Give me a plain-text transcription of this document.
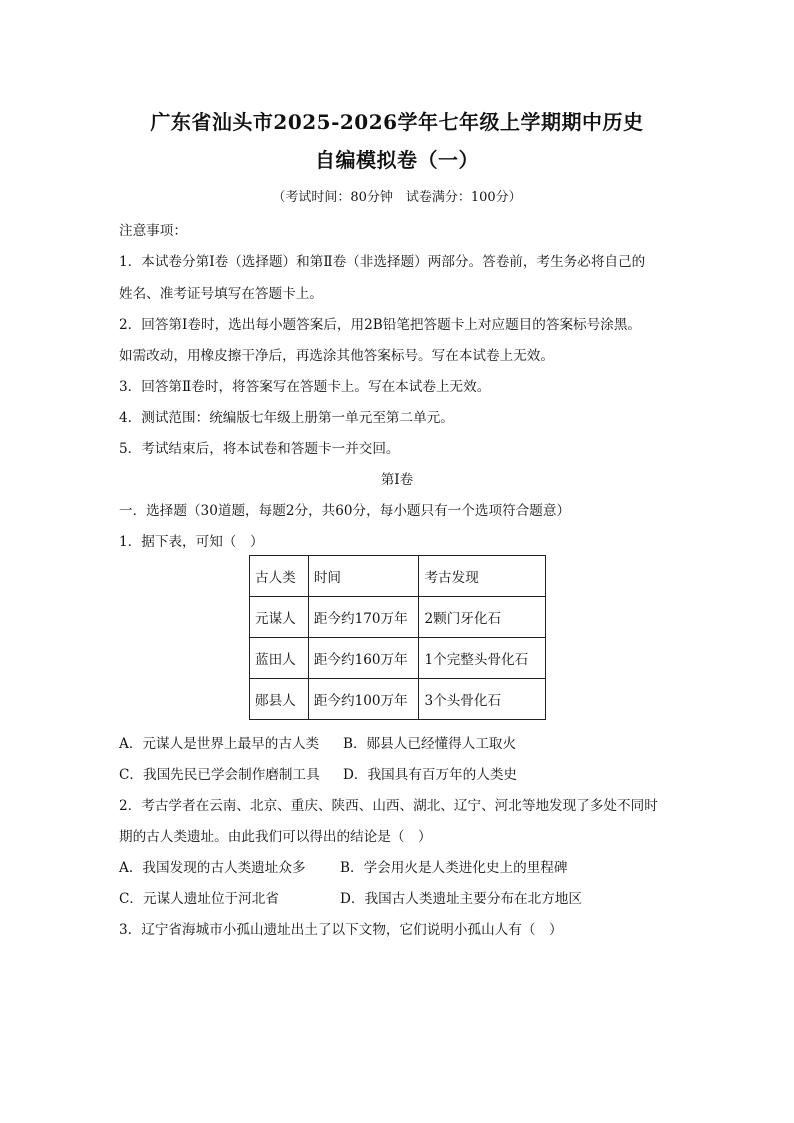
广东省汕头市2025-2026学年七年级上学期期中历史
自编模拟卷（一）
（考试时间：80分钟　试卷满分：100分）
注意事项：
1．本试卷分第Ⅰ卷（选择题）和第Ⅱ卷（非选择题）两部分。答卷前，考生务必将自己的
姓名、准考证号填写在答题卡上。
2．回答第Ⅰ卷时，选出每小题答案后，用2B铅笔把答题卡上对应题目的答案标号涂黑。
如需改动，用橡皮擦干净后，再选涂其他答案标号。写在本试卷上无效。
3．回答第Ⅱ卷时，将答案写在答题卡上。写在本试卷上无效。
4．测试范围：统编版七年级上册第一单元至第二单元。
5．考试结束后，将本试卷和答题卡一并交回。
第Ⅰ卷
一．选择题（30道题，每题2分，共60分，每小题只有一个选项符合题意）
1．据下表，可知（　）
古人类	时间	考古发现
元谋人	距今约170万年	2颗门牙化石
蓝田人	距今约160万年	1个完整头骨化石
郧县人	距今约100万年	3个头骨化石
A．元谋人是世界上最早的古人类 B．郧县人已经懂得人工取火
C．我国先民已学会制作磨制工具 D．我国具有百万年的人类史
2．考古学者在云南、北京、重庆、陕西、山西、湖北、辽宁、河北等地发现了多处不同时
期的古人类遗址。由此我们可以得出的结论是（　）
A．我国发现的古人类遗址众多	B．学会用火是人类进化史上的里程碑
C．元谋人遗址位于河北省	D．我国古人类遗址主要分布在北方地区
3．辽宁省海城市小孤山遗址出土了以下文物，它们说明小孤山人有（　）
